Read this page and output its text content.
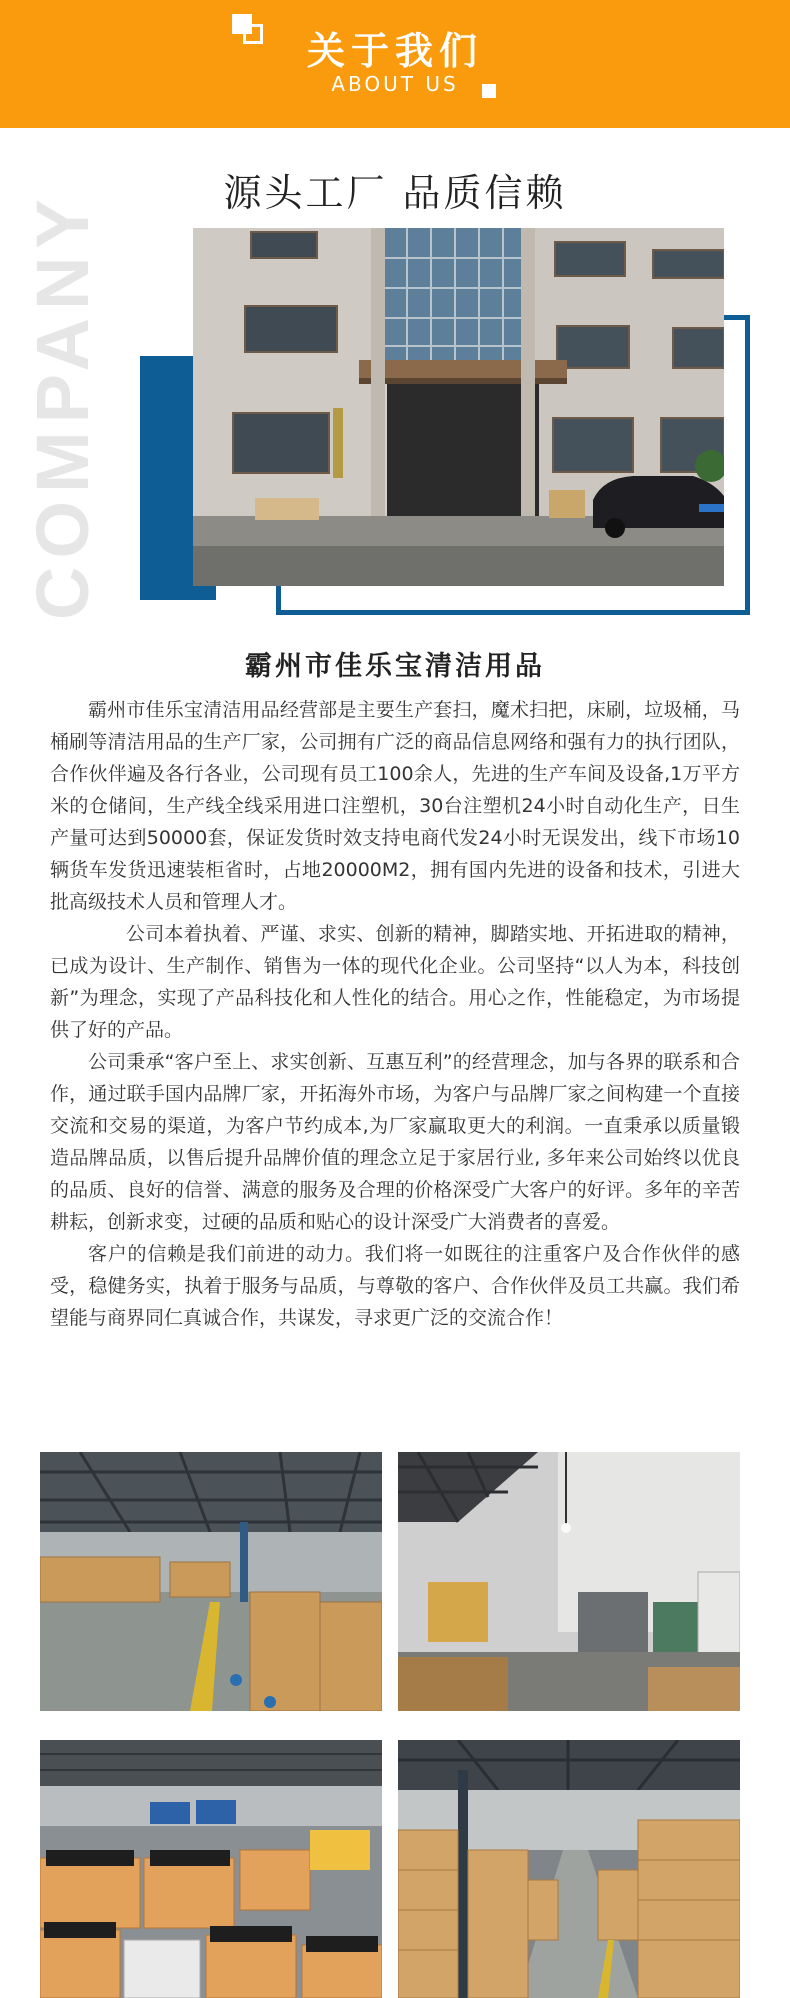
关于我们
ABOUT US
COMPANY	源头工厂 品质信赖
霸州市佳乐宝清洁用品

霸州市佳乐宝清洁用品经营部是主要生产套扫，魔术扫把，床刷，垃圾桶，马桶刷等清洁用品的生产厂家，公司拥有广泛的商品信息网络和强有力的执行团队，合作伙伴遍及各行各业，公司现有员工100余人，先进的生产车间及设备,1万平方米的仓储间，生产线全线采用进口注塑机，30台注塑机24小时自动化生产，日生产量可达到50000套，保证发货时效支持电商代发24小时无误发出，线下市场10辆货车发货迅速装柜省时，占地20000M2，拥有国内先进的设备和技术，引进大批高级技术人员和管理人才。

公司本着执着、严谨、求实、创新的精神，脚踏实地、开拓进取的精神，已成为设计、生产制作、销售为一体的现代化企业。公司坚持“以人为本，科技创新”为理念，实现了产品科技化和人性化的结合。用心之作，性能稳定，为市场提供了好的产品。

公司秉承“客户至上、求实创新、互惠互利”的经营理念，加与各界的联系和合作，通过联手国内品牌厂家，开拓海外市场，为客户与品牌厂家之间构建一个直接交流和交易的渠道，为客户节约成本,为厂家赢取更大的利润。一直秉承以质量锻造品牌品质，以售后提升品牌价值的理念立足于家居行业, 多年来公司始终以优良的品质、良好的信誉、满意的服务及合理的价格深受广大客户的好评。多年的辛苦耕耘，创新求变，过硬的品质和贴心的设计深受广大消费者的喜爱。

客户的信赖是我们前进的动力。我们将一如既往的注重客户及合作伙伴的感受，稳健务实，执着于服务与品质，与尊敬的客户、合作伙伴及员工共赢。我们希望能与商界同仁真诚合作，共谋发，寻求更广泛的交流合作！
